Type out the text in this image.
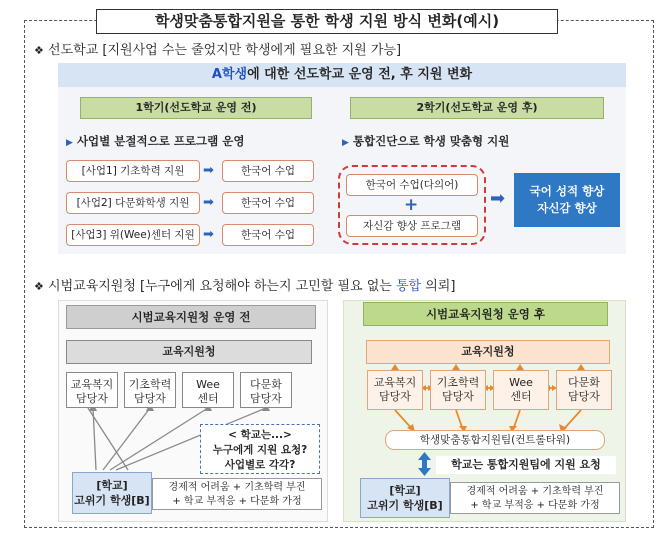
학생맞춤통합지원을 통한 학생 지원 방식 변화(예시)
❖ 선도학교 [지원사업 수는 줄었지만 학생에게 필요한 지원 가능]
A학생에 대한 선도학교 운영 전, 후 지원 변화
1학기(선도학교 운영 전)
▶ 사업별 분절적으로 프로그램 운영
[사업1] 기초학력 지원	➡	한국어 수업
[사업2] 다문화학생 지원	➡	한국어 수업
[사업3] 위(Wee)센터 지원 ➡	한국어 수업
2학기(선도학교 운영 후)
▶ 통합진단으로 학생 맞춤형 지원
한국어 수업(다의어)
+
자신감 향상 프로그램
➡	국어 성적 향상
자신감 향상
❖ 시범교육지원청 [누구에게 요청해야 하는지 고민할 필요 없는 통합 의뢰]
시범교육지원청 운영 전
교육지원청
교육복지
담당자
기초학력
담당자
Wee
센터
다문화
담당자
< 학교는...>
누구에게 지원 요청?
사업별로 각각?
[학교]
고위기 학생[B]
경제적 어려움 + 기초학력 부진
+ 학교 부적응 + 다문화 가정
시범교육지원청 운영 후
교육지원청
교육복지
담당자
기초학력
담당자
Wee
센터
다문화
담당자
학생맞춤통합지원팀(컨트롤타워)
학교는 통합지원팀에 지원 요청
[학교]
고위기 학생[B]
경제적 어려움 + 기초학력 부진
+ 학교 부적응 + 다문화 가정
